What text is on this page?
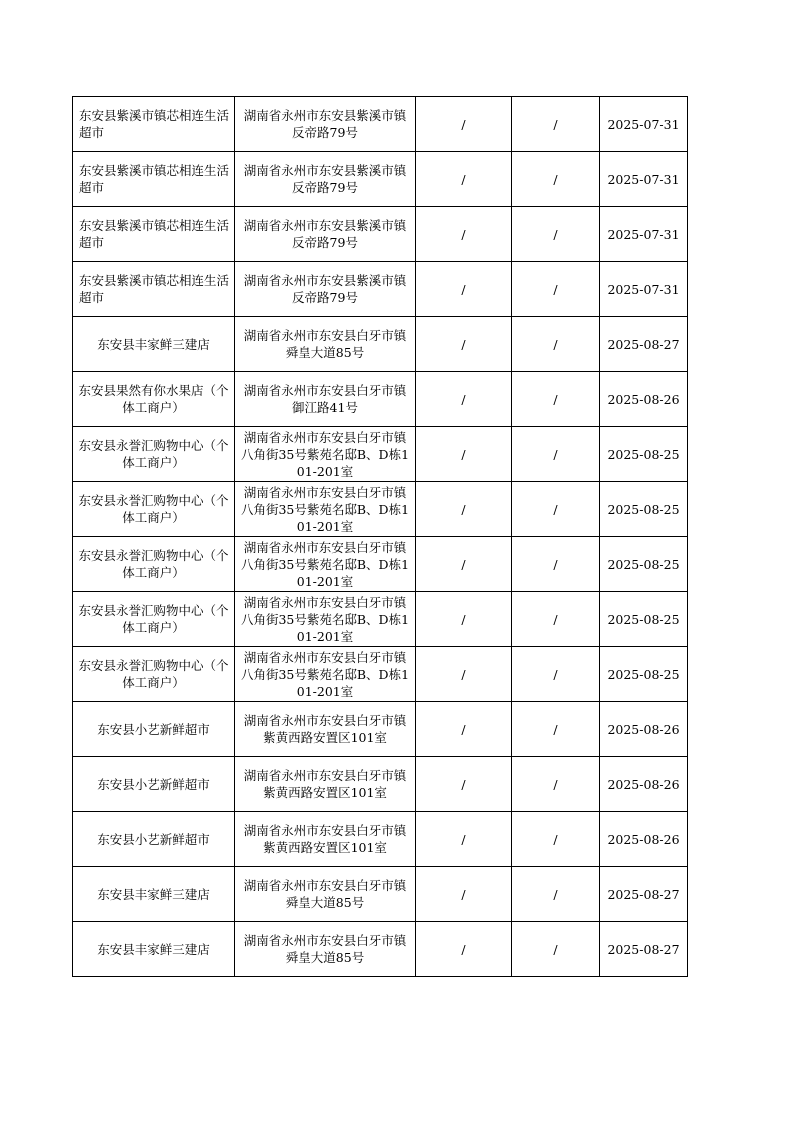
东安县紫溪市镇芯相连生活超市	湖南省永州市东安县紫溪市镇反帝路79号	/	/	2025-07-31
东安县紫溪市镇芯相连生活超市	湖南省永州市东安县紫溪市镇反帝路79号	/	/	2025-07-31
东安县紫溪市镇芯相连生活超市	湖南省永州市东安县紫溪市镇反帝路79号	/	/	2025-07-31
东安县紫溪市镇芯相连生活超市	湖南省永州市东安县紫溪市镇反帝路79号	/	/	2025-07-31
东安县丰家鲜三建店	湖南省永州市东安县白牙市镇舜皇大道85号	/	/	2025-08-27
东安县果然有你水果店（个体工商户）	湖南省永州市东安县白牙市镇御江路41号	/	/	2025-08-26
东安县永誉汇购物中心（个体工商户）	湖南省永州市东安县白牙市镇八角街35号紫苑名邸B、D栋101-201室	/	/	2025-08-25
东安县永誉汇购物中心（个体工商户）	湖南省永州市东安县白牙市镇八角街35号紫苑名邸B、D栋101-201室	/	/	2025-08-25
东安县永誉汇购物中心（个体工商户）	湖南省永州市东安县白牙市镇八角街35号紫苑名邸B、D栋101-201室	/	/	2025-08-25
东安县永誉汇购物中心（个体工商户）	湖南省永州市东安县白牙市镇八角街35号紫苑名邸B、D栋101-201室	/	/	2025-08-25
东安县永誉汇购物中心（个体工商户）	湖南省永州市东安县白牙市镇八角街35号紫苑名邸B、D栋101-201室	/	/	2025-08-25
东安县小艺新鲜超市	湖南省永州市东安县白牙市镇紫黄西路安置区101室	/	/	2025-08-26
东安县小艺新鲜超市	湖南省永州市东安县白牙市镇紫黄西路安置区101室	/	/	2025-08-26
东安县小艺新鲜超市	湖南省永州市东安县白牙市镇紫黄西路安置区101室	/	/	2025-08-26
东安县丰家鲜三建店	湖南省永州市东安县白牙市镇舜皇大道85号	/	/	2025-08-27
东安县丰家鲜三建店	湖南省永州市东安县白牙市镇舜皇大道85号	/	/	2025-08-27
